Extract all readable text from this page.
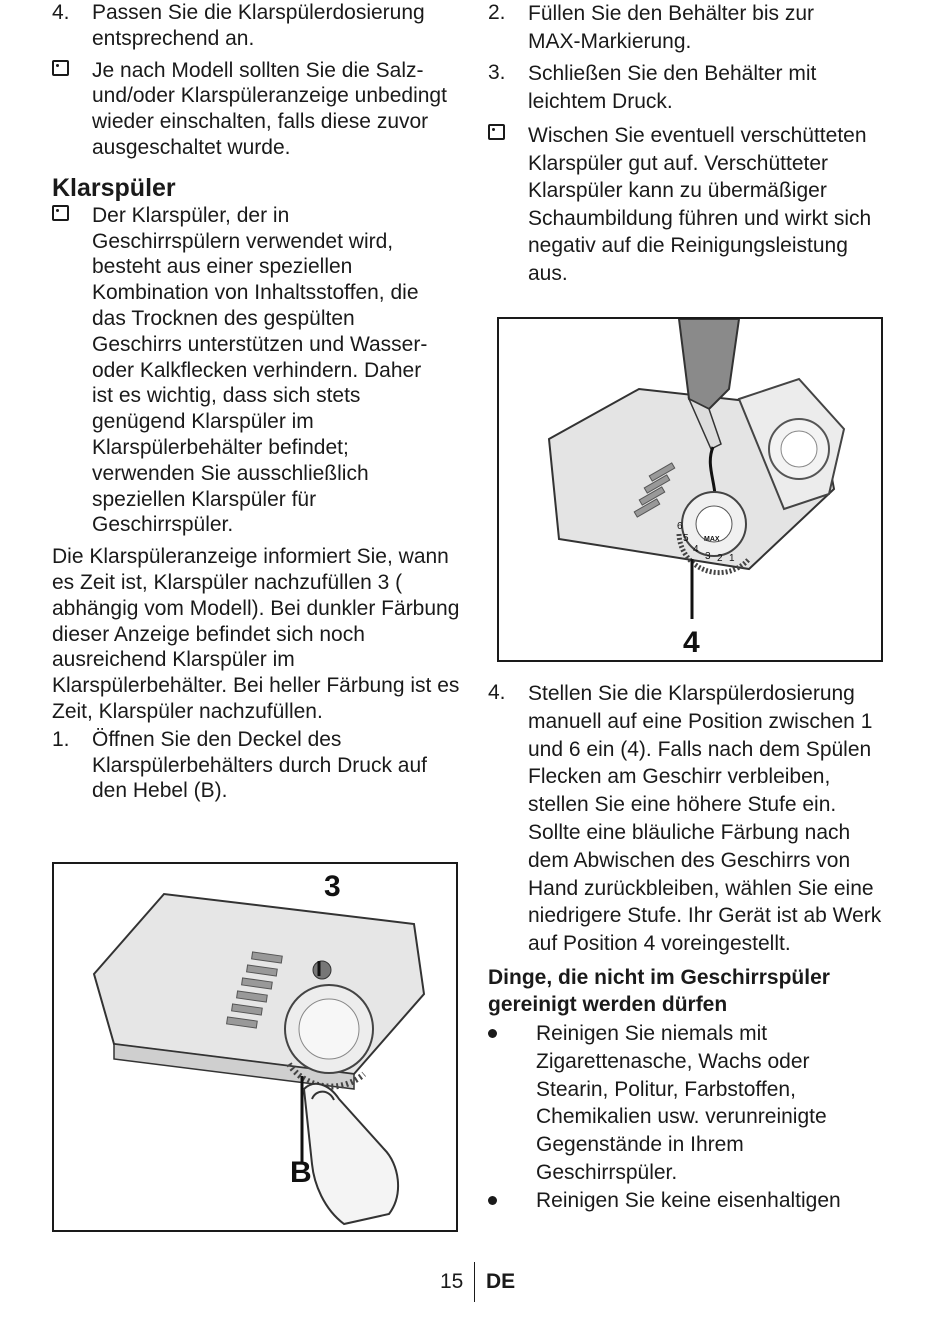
4. Passen Sie die Klarspülerdosierung entsprechend an.
Je nach Modell sollten Sie die Salz- und/oder Klarspüleranzeige unbedingt wieder einschalten, falls diese zuvor ausgeschaltet wurde.
Klarspüler
Der Klarspüler, der in Geschirrspülern verwendet wird, besteht aus einer speziellen Kombination von Inhaltsstoffen, die das Trocknen des gespülten Geschirrs unterstützen und Wasser- oder Kalkflecken verhindern. Daher ist es wichtig, dass sich stets genügend Klarspüler im Klarspülerbehälter befindet; verwenden Sie ausschließlich speziellen Klarspüler für Geschirrspüler.
Die Klarspüleranzeige informiert Sie, wann es Zeit ist, Klarspüler nachzufüllen 3 ( abhängig vom Modell). Bei dunkler Färbung dieser Anzeige befindet sich noch ausreichend Klarspüler im Klarspülerbehälter. Bei heller Färbung ist es Zeit, Klarspüler nachzufüllen.
1. Öffnen Sie den Deckel des Klarspülerbehälters durch Druck auf den Hebel (B).
3
B
2. Füllen Sie den Behälter bis zur MAX-Markierung.
3. Schließen Sie den Behälter mit leichtem Druck.
Wischen Sie eventuell verschütteten Klarspüler gut auf. Verschütteter Klarspüler kann zu übermäßiger Schaumbildung führen und wirkt sich negativ auf die Reinigungsleistung aus.
MAX
6
5
4
3 2 1
4
4. Stellen Sie die Klarspülerdosierung manuell auf eine Position zwischen 1 und 6 ein (4). Falls nach dem Spülen Flecken am Geschirr verbleiben, stellen Sie eine höhere Stufe ein. Sollte eine bläuliche Färbung nach dem Abwischen des Geschirrs von Hand zurückbleiben, wählen Sie eine niedrigere Stufe. Ihr Gerät ist ab Werk auf Position 4 voreingestellt.
Dinge, die nicht im Geschirrspüler gereinigt werden dürfen
Reinigen Sie niemals mit Zigarettenasche, Wachs oder Stearin, Politur, Farbstoffen, Chemikalien usw. verunreinigte Gegenstände in Ihrem Geschirrspüler.
Reinigen Sie keine eisenhaltigen
15 DE
